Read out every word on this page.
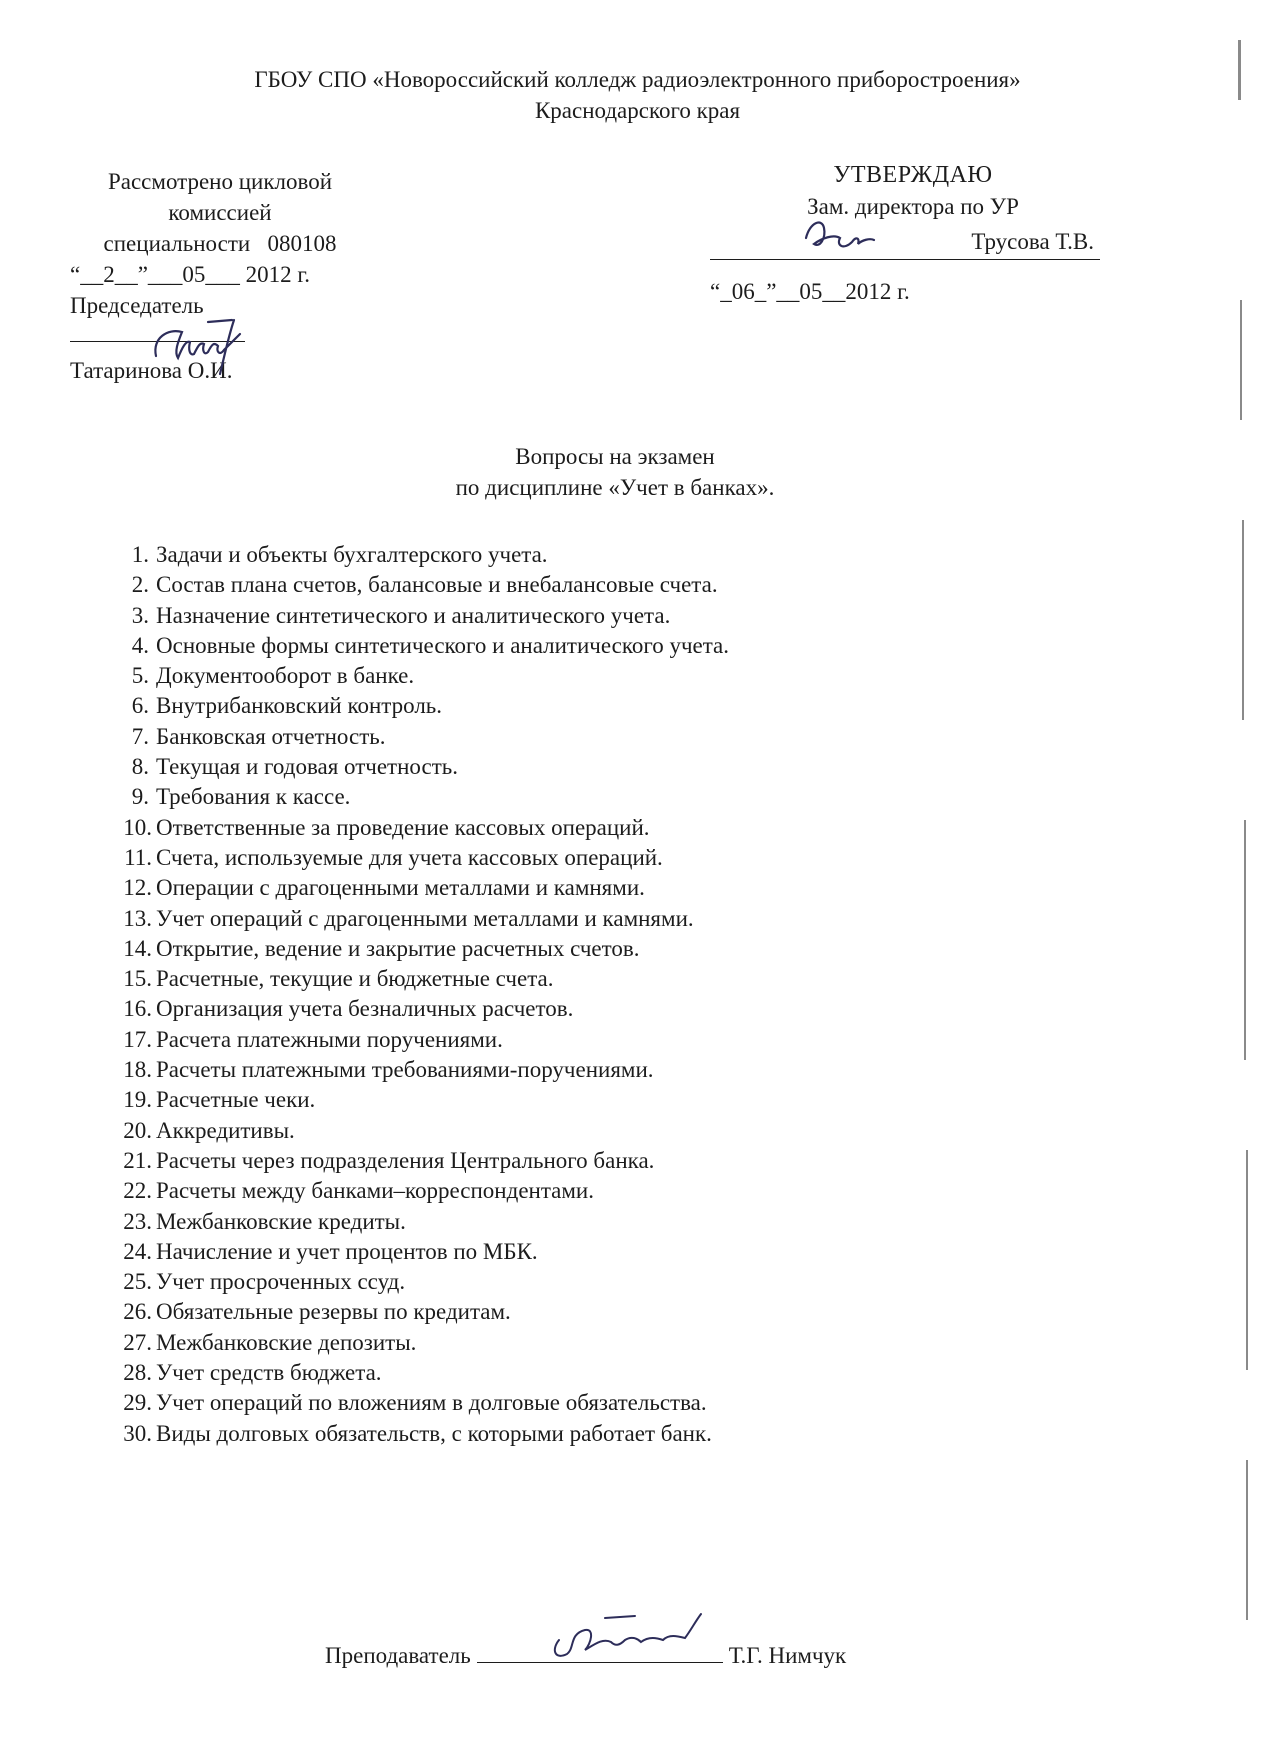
ГБОУ СПО «Новороссийский колледж радиоэлектронного приборостроения»
Краснодарского края
Рассмотрено цикловой
комиссией
специальности   080108
“__2__”___05___ 2012 г.
Председатель
Татаринова О.И.
УТВЕРЖДАЮ
Зам. директора по УР
Трусова Т.В.
“_06_”__05__2012 г.
Вопросы на экзамен
по дисциплине «Учет в банках».
1. Задачи и объекты бухгалтерского учета.
2. Состав плана счетов, балансовые и внебалансовые счета.
3. Назначение синтетического и аналитического учета.
4. Основные формы синтетического и аналитического учета.
5. Документооборот в банке.
6. Внутрибанковский контроль.
7. Банковская отчетность.
8. Текущая и годовая отчетность.
9. Требования к кассе.
10. Ответственные за проведение кассовых операций.
11. Счета, используемые для учета кассовых операций.
12. Операции с драгоценными металлами и камнями.
13. Учет операций с драгоценными металлами и камнями.
14. Открытие, ведение и закрытие расчетных счетов.
15. Расчетные, текущие и бюджетные счета.
16. Организация учета безналичных расчетов.
17. Расчета платежными поручениями.
18. Расчеты платежными требованиями-поручениями.
19. Расчетные чеки.
20. Аккредитивы.
21. Расчеты через подразделения Центрального банка.
22. Расчеты между банками–корреспондентами.
23. Межбанковские кредиты.
24. Начисление и учет процентов по МБК.
25. Учет просроченных ссуд.
26. Обязательные резервы по кредитам.
27. Межбанковские депозиты.
28. Учет средств бюджета.
29. Учет операций по вложениям в долговые обязательства.
30. Виды долговых обязательств, с которыми работает банк.
Преподаватель	Т.Г. Нимчук
